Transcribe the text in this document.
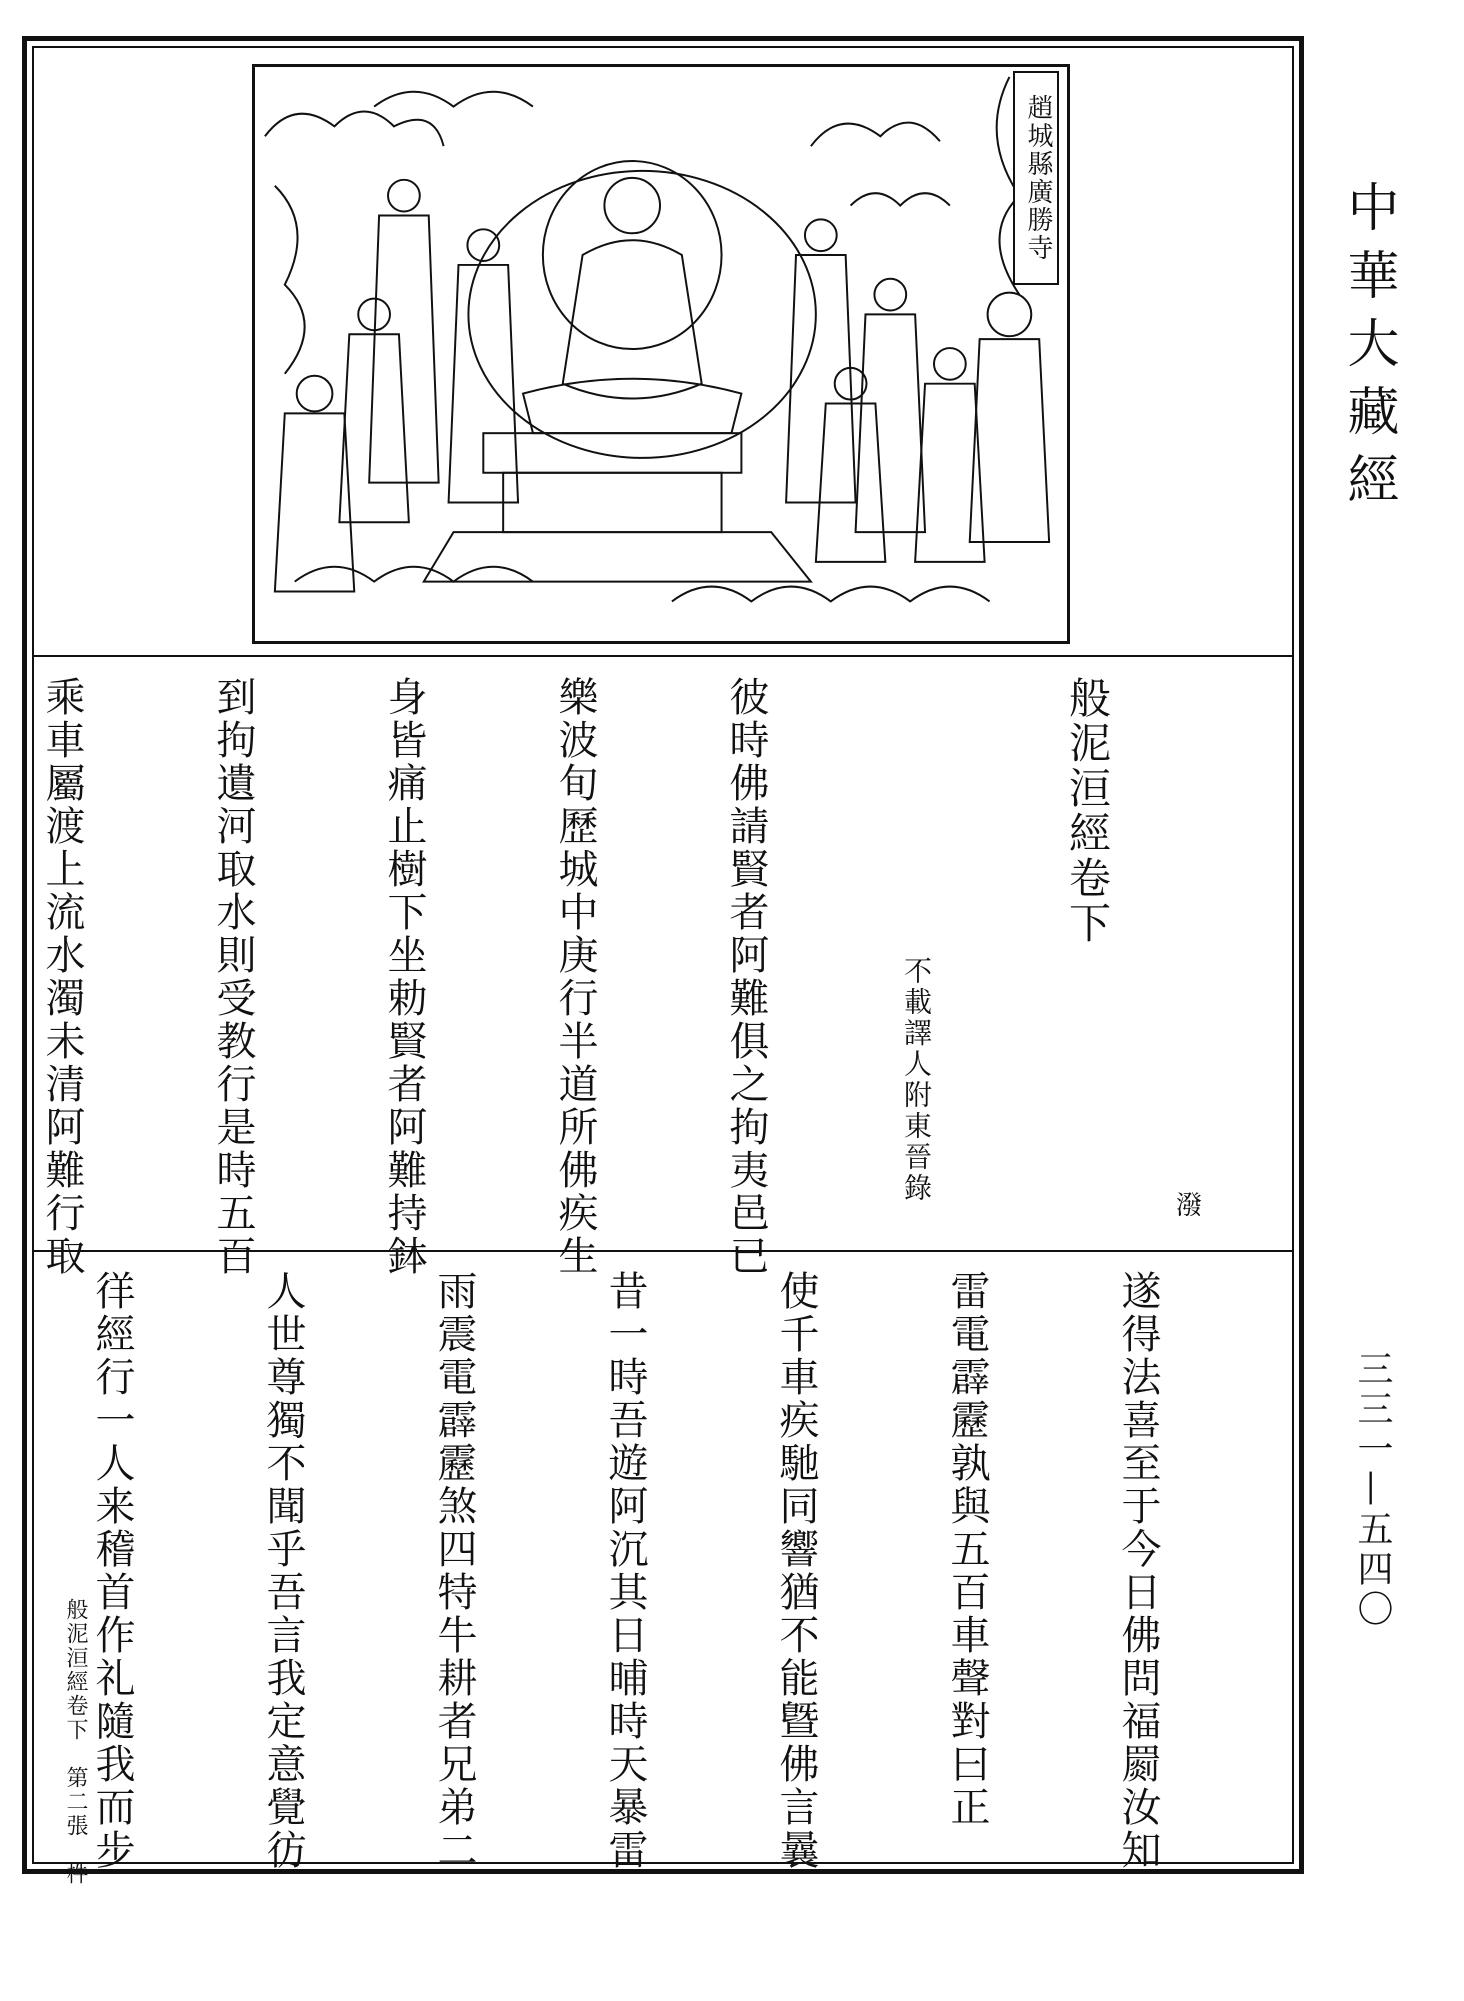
趙城縣廣勝寺
中華大藏經
三三一—五四〇

般泥洹經卷下

不載譯人附東晉錄

彼時佛請賢者阿難俱之拘夷邑已

樂波旬歷城中庚行半道所佛疾生

身皆痛止樹下坐勅賢者阿難持鉢

到拘遺河取水則受教行是時五百

乘車屬渡上流水濁未清阿難行取

	潑

遂得法喜至于今日佛問福罽汝知

雷電霹靂孰與五百車聲對曰正

使千車疾馳同響猶不能曁佛言曩

昔一時吾遊阿沉其日晡時天暴雷

雨震電霹靂煞四特牛耕者兄弟二

人世尊獨不聞乎吾言我定意覺彷

徉經行一人来稽首作礼隨我而步

般泥洹經卷下　第二張　㭌
